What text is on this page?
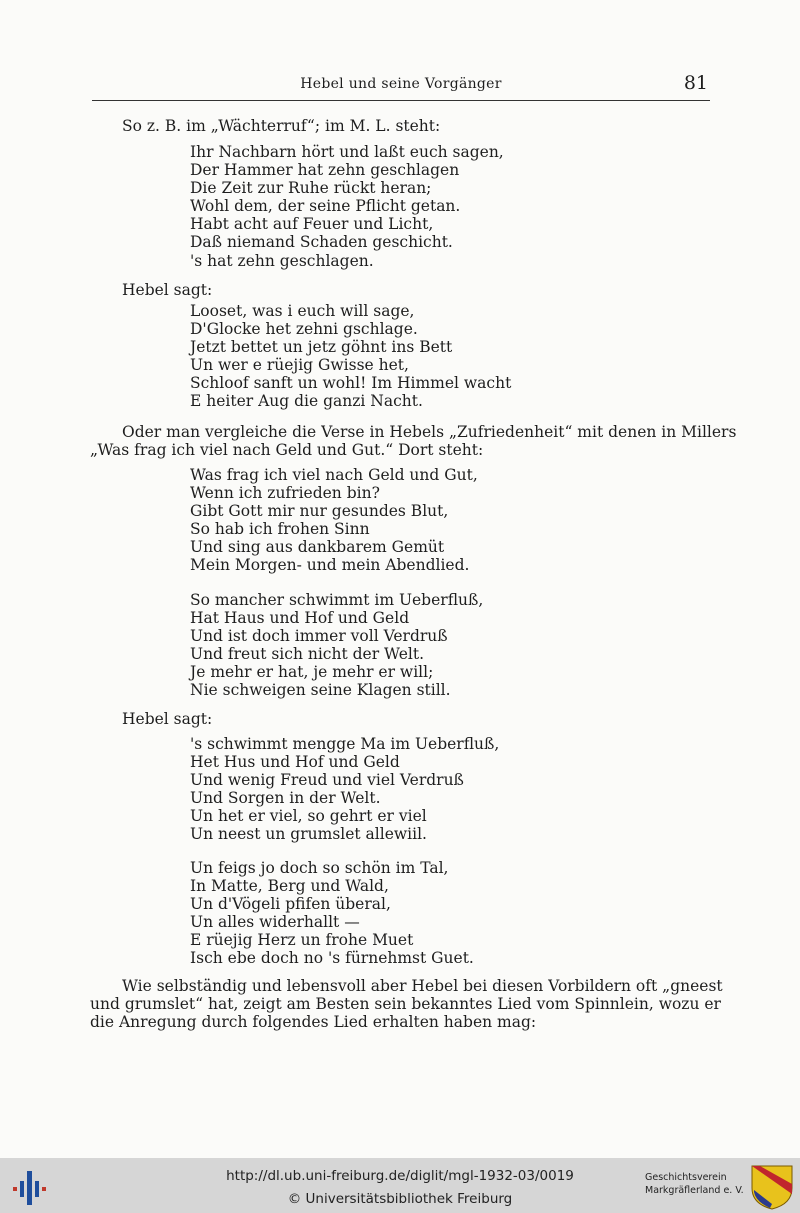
Hebel und seine Vorgänger	81
So z. B. im „Wächterruf“; im M. L. steht:
Ihr Nachbarn hört und laßt euch sagen,
Der Hammer hat zehn geschlagen
Die Zeit zur Ruhe rückt heran;
Wohl dem, der seine Pflicht getan.
Habt acht auf Feuer und Licht,
Daß niemand Schaden geschicht.
's hat zehn geschlagen.
Hebel sagt:
Looset, was i euch will sage,
D'Glocke het zehni gschlage.
Jetzt bettet un jetz göhnt ins Bett
Un wer e rüejig Gwisse het,
Schloof sanft un wohl! Im Himmel wacht
E heiter Aug die ganzi Nacht.
Oder man vergleiche die Verse in Hebels „Zufriedenheit“ mit denen in Millers
„Was frag ich viel nach Geld und Gut.“ Dort steht:
Was frag ich viel nach Geld und Gut,
Wenn ich zufrieden bin?
Gibt Gott mir nur gesundes Blut,
So hab ich frohen Sinn
Und sing aus dankbarem Gemüt
Mein Morgen- und mein Abendlied.
So mancher schwimmt im Ueberfluß,
Hat Haus und Hof und Geld
Und ist doch immer voll Verdruß
Und freut sich nicht der Welt.
Je mehr er hat, je mehr er will;
Nie schweigen seine Klagen still.
Hebel sagt:
's schwimmt mengge Ma im Ueberfluß,
Het Hus und Hof und Geld
Und wenig Freud und viel Verdruß
Und Sorgen in der Welt.
Un het er viel, so gehrt er viel
Un neest un grumslet allewiil.
Un feigs jo doch so schön im Tal,
In Matte, Berg und Wald,
Un d'Vögeli pfifen überal,
Un alles widerhallt —
E rüejig Herz un frohe Muet
Isch ebe doch no 's fürnehmst Guet.
Wie selbständig und lebensvoll aber Hebel bei diesen Vorbildern oft „gneest
und grumslet“ hat, zeigt am Besten sein bekanntes Lied vom Spinnlein, wozu er
die Anregung durch folgendes Lied erhalten haben mag:
http://dl.ub.uni-freiburg.de/diglit/mgl-1932-03/0019
© Universitätsbibliothek Freiburg
Geschichtsverein
Markgräflerland e. V.
